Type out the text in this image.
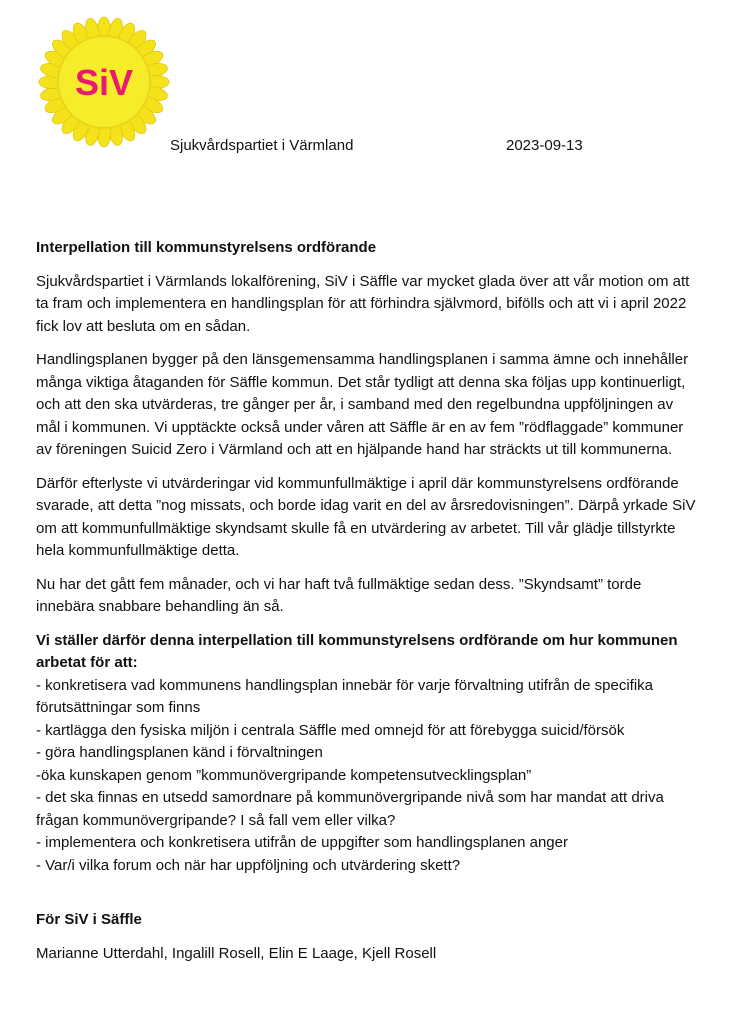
SiV
Sjukvårdspartiet i Värmland	2023-09-13

Interpellation till kommunstyrelsens ordförande

Sjukvårdspartiet i Värmlands lokalförening, SiV i Säffle var mycket glada över att vår motion om att ta fram och implementera en handlingsplan för att förhindra självmord, bifölls och att vi i april 2022 fick lov att besluta om en sådan.

Handlingsplanen bygger på den länsgemensamma handlingsplanen i samma ämne och innehåller många viktiga åtaganden för Säffle kommun. Det står tydligt att denna ska följas upp kontinuerligt, och att den ska utvärderas, tre gånger per år, i samband med den regelbundna uppföljningen av mål i kommunen. Vi upptäckte också under våren att Säffle är en av fem ”rödflaggade” kommuner av föreningen Suicid Zero i Värmland och att en hjälpande hand har sträckts ut till kommunerna.

Därför efterlyste vi utvärderingar vid kommunfullmäktige i april där kommunstyrelsens ordförande svarade, att detta ”nog missats, och borde idag varit en del av årsredovisningen”. Därpå yrkade SiV om att kommunfullmäktige skyndsamt skulle få en utvärdering av arbetet. Till vår glädje tillstyrkte hela kommunfullmäktige detta.

Nu har det gått fem månader, och vi har haft två fullmäktige sedan dess. ”Skyndsamt” torde innebära snabbare behandling än så.

Vi ställer därför denna interpellation till kommunstyrelsens ordförande om hur kommunen arbetat för att:

- konkretisera vad kommunens handlingsplan innebär för varje förvaltning utifrån de specifika förutsättningar som finns
- kartlägga den fysiska miljön i centrala Säffle med omnejd för att förebygga suicid/försök
- göra handlingsplanen känd i förvaltningen
-öka kunskapen genom ”kommunövergripande kompetensutvecklingsplan”
- det ska finnas en utsedd samordnare på kommunövergripande nivå som har mandat att driva frågan kommunövergripande? I så fall vem eller vilka?
- implementera och konkretisera utifrån de uppgifter som handlingsplanen anger
- Var/i vilka forum och när har uppföljning och utvärdering skett?

För SiV i Säffle

Marianne Utterdahl, Ingalill Rosell, Elin E Laage, Kjell Rosell
